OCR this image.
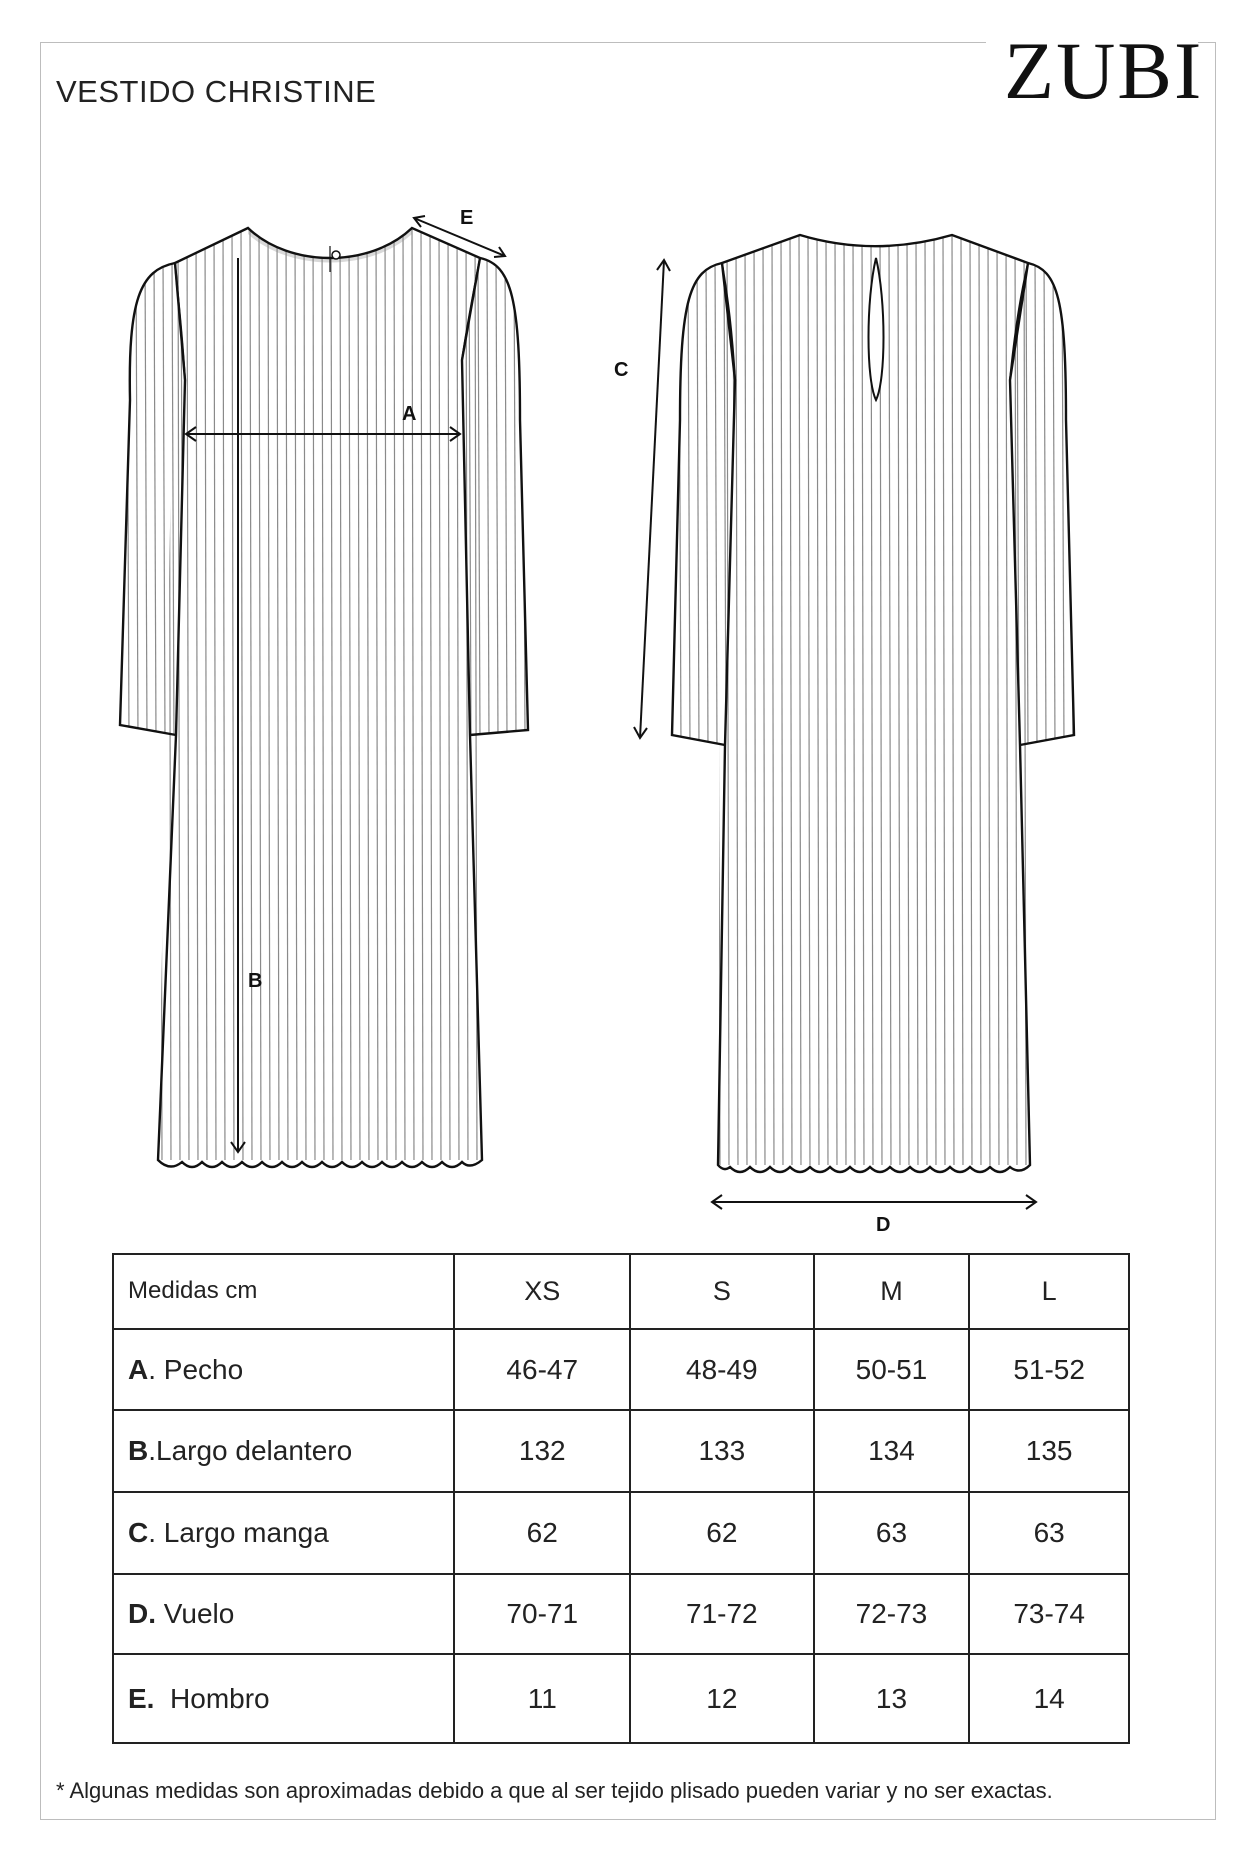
VESTIDO CHRISTINE	ZUBI
A
B
C
D
E
Medidas cm	XS	S	M	L
A. Pecho	46-47	48-49	50-51	51-52
B.Largo delantero	132	133	134	135
C. Largo manga	62	62	63	63
D. Vuelo	70-71	71-72	72-73	73-74
E.  Hombro	11	12	13	14
* Algunas medidas son aproximadas debido a que al ser tejido plisado pueden variar y no ser exactas.
